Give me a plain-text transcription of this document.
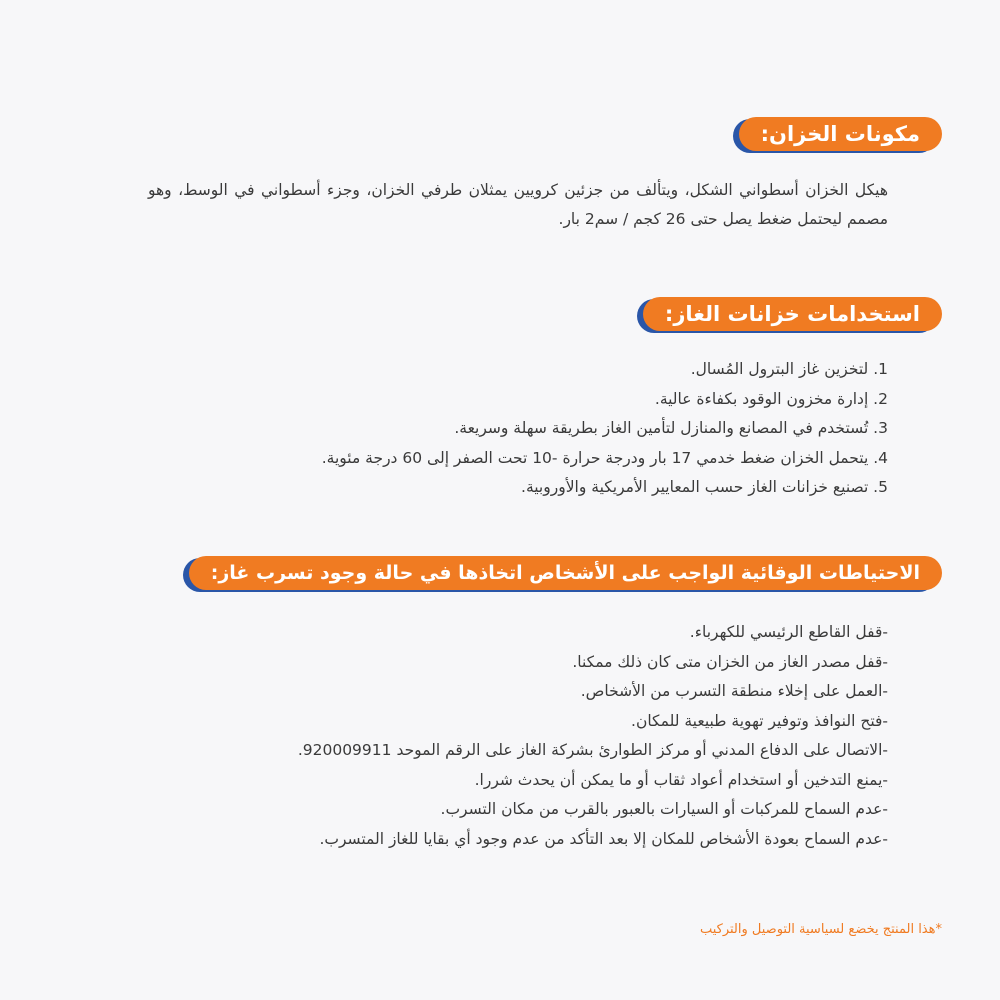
مكونات الخزان:
هيكل الخزان أسطواني الشكل، ويتألف من جزئين كرويين يمثلان طرفي الخزان، وجزء أسطواني في الوسط، وهو مصمم ليحتمل ضغط يصل حتى 26 كجم / سم2 بار.
استخدامات خزانات الغاز:
1. لتخزين غاز البترول المُسال.
2. إدارة مخزون الوقود بكفاءة عالية.
3. تُستخدم في المصانع والمنازل لتأمين الغاز بطريقة سهلة وسريعة.
4. يتحمل الخزان ضغط خدمي 17 بار ودرجة حرارة -10 تحت الصفر إلى 60 درجة مئوية.
5. تصنيع خزانات الغاز حسب المعايير الأمريكية والأوروبية.
الاحتياطات الوقائية الواجب على الأشخاص اتخاذها في حالة وجود تسرب غاز:
-قفل القاطع الرئيسي للكهرباء.
-قفل مصدر الغاز من الخزان متى كان ذلك ممكنا.
-العمل على إخلاء منطقة التسرب من الأشخاص.
-فتح النوافذ وتوفير تهوية طبيعية للمكان.
-الاتصال على الدفاع المدني أو مركز الطوارئ بشركة الغاز على الرقم الموحد 920009911.
-يمنع التدخين أو استخدام أعواد ثقاب أو ما يمكن أن يحدث شررا.
-عدم السماح للمركبات أو السيارات بالعبور بالقرب من مكان التسرب.
-عدم السماح بعودة الأشخاص للمكان إلا بعد التأكد من عدم وجود أي بقايا للغاز المتسرب.
*هذا المنتج يخضع لسياسية التوصيل والتركيب
